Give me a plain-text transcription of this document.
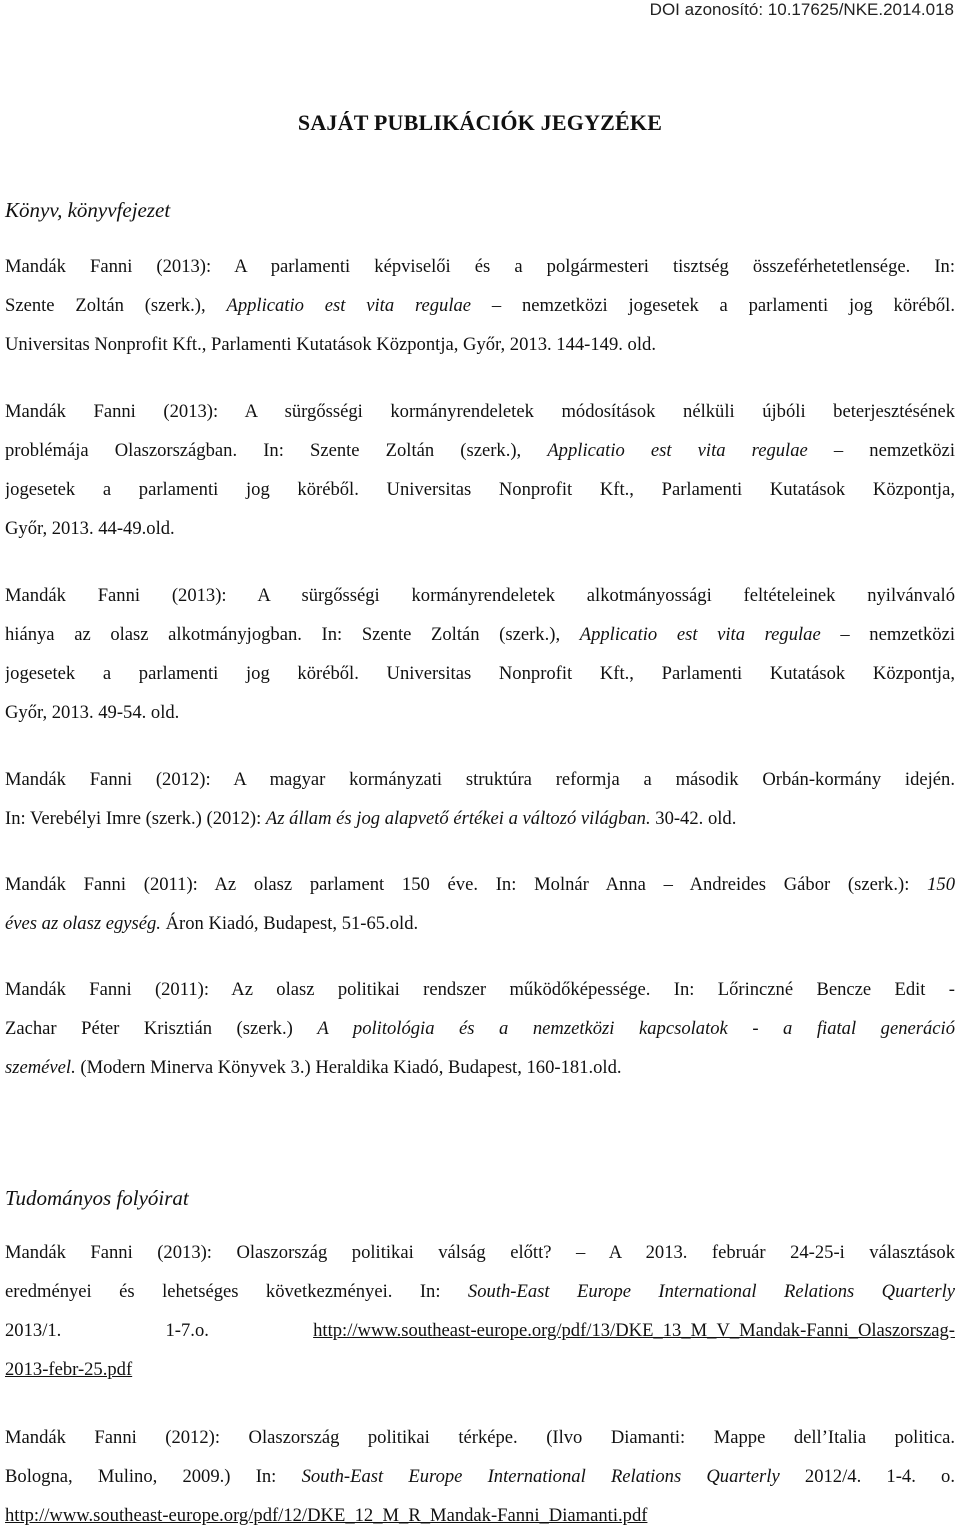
DOI azonosító: 10.17625/NKE.2014.018
SAJÁT PUBLIKÁCIÓK JEGYZÉKE
Könyv, könyvfejezet
Mandák Fanni (2013): A parlamenti képviselői és a polgármesteri tisztség összeférhetetlensége. In:
Szente Zoltán (szerk.), Applicatio est vita regulae – nemzetközi jogesetek a parlamenti jog köréből.
Universitas Nonprofit Kft., Parlamenti Kutatások Központja, Győr, 2013. 144-149. old.
Mandák Fanni (2013): A sürgősségi kormányrendeletek módosítások nélküli újbóli beterjesztésének
problémája Olaszországban. In: Szente Zoltán (szerk.), Applicatio est vita regulae – nemzetközi
jogesetek a parlamenti jog köréből. Universitas Nonprofit Kft., Parlamenti Kutatások Központja,
Győr, 2013. 44-49.old.
Mandák Fanni (2013): A sürgősségi kormányrendeletek alkotmányossági feltételeinek nyilvánvaló
hiánya az olasz alkotmányjogban. In: Szente Zoltán (szerk.), Applicatio est vita regulae – nemzetközi
jogesetek a parlamenti jog köréből. Universitas Nonprofit Kft., Parlamenti Kutatások Központja,
Győr, 2013. 49-54. old.
Mandák Fanni (2012): A magyar kormányzati struktúra reformja a második Orbán-kormány idején.
In: Verebélyi Imre (szerk.) (2012): Az állam és jog alapvető értékei a változó világban. 30-42. old.
Mandák Fanni (2011): Az olasz parlament 150 éve. In: Molnár Anna – Andreides Gábor (szerk.): 150
éves az olasz egység. Áron Kiadó, Budapest, 51-65.old.
Mandák Fanni (2011): Az olasz politikai rendszer működőképessége. In: Lőrinczné Bencze Edit -
Zachar Péter Krisztián (szerk.) A politológia és a nemzetközi kapcsolatok - a fiatal generáció
szemével. (Modern Minerva Könyvek 3.) Heraldika Kiadó, Budapest, 160-181.old.
Tudományos folyóirat
Mandák Fanni (2013): Olaszország politikai válság előtt? – A 2013. február 24-25-i választások
eredményei és lehetséges következményei. In: South-East Europe International Relations Quarterly
2013/1. 1-7.o. http://www.southeast-europe.org/pdf/13/DKE_13_M_V_Mandak-Fanni_Olaszorszag-
2013-febr-25.pdf
Mandák Fanni (2012): Olaszország politikai térképe. (Ilvo Diamanti: Mappe dell’Italia politica.
Bologna, Mulino, 2009.) In: South-East Europe International Relations Quarterly 2012/4. 1-4. o.
http://www.southeast-europe.org/pdf/12/DKE_12_M_R_Mandak-Fanni_Diamanti.pdf
